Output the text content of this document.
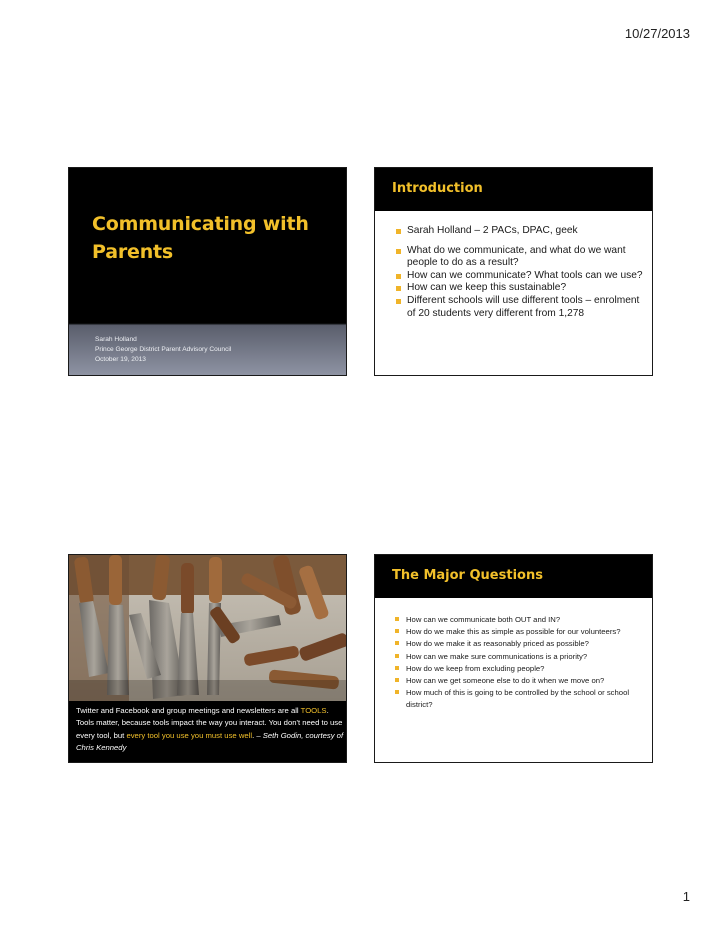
10/27/2013
Communicating with
Parents
Sarah Holland
Prince George District Parent Advisory Council
October 19, 2013
Introduction
Sarah Holland – 2 PACs, DPAC, geek
What do we communicate, and what do we want people to do as a result?
How can we communicate? What tools can we use?
How can we keep this sustainable?
Different schools will use different tools – enrolment of 20 students very different from 1,278
Twitter and Facebook and group meetings and newsletters are all TOOLS. Tools matter, because tools impact the way you interact. You don't need to use every tool, but every tool you use you must use well. – Seth Godin, courtesy of Chris Kennedy
The Major Questions
How can we communicate both OUT and IN?
How do we make this as simple as possible for our volunteers?
How do we make it as reasonably priced as possible?
How can we make sure communications is a priority?
How do we keep from excluding people?
How can we get someone else to do it when we move on?
How much of this is going to be controlled by the school or school district?
1
